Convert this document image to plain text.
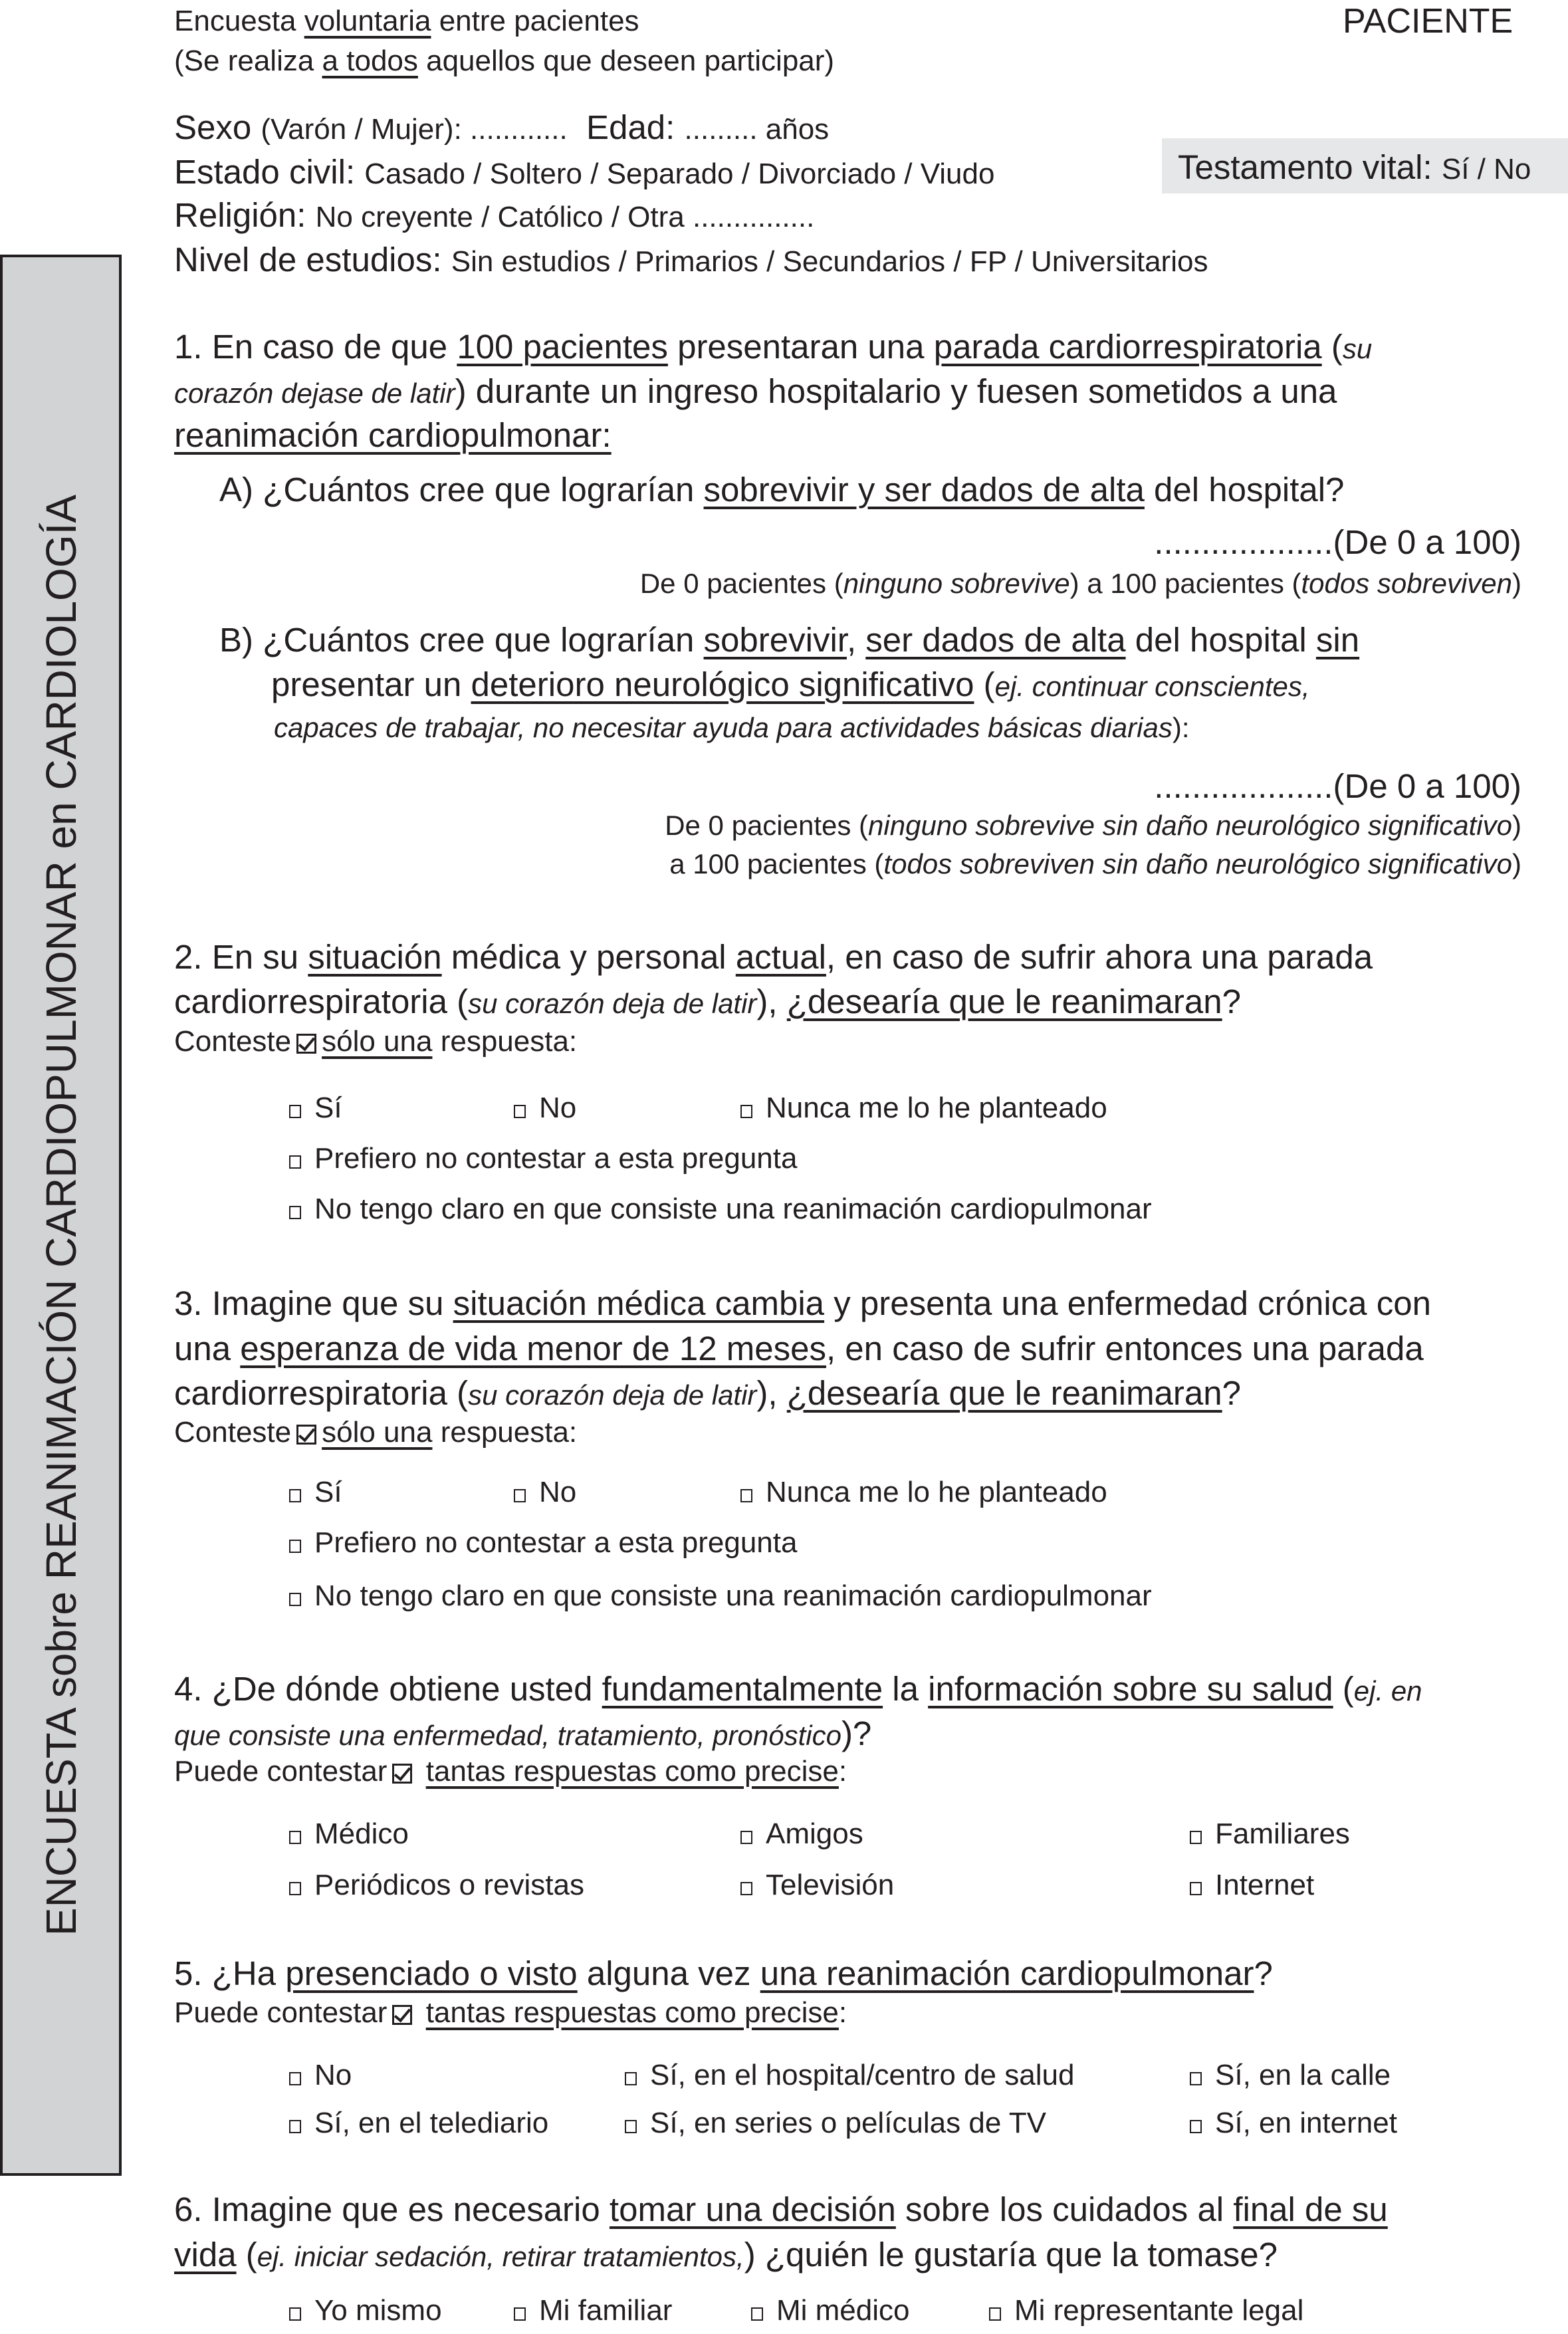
Encuesta voluntaria entre pacientes
(Se realiza a todos aquellos que deseen participar)
PACIENTE
Sexo (Varón / Mujer): ............  Edad: ......... años
Estado civil: Casado / Soltero / Separado / Divorciado / Viudo
Religión: No creyente / Católico / Otra ...............
Nivel de estudios: Sin estudios / Primarios / Secundarios / FP / Universitarios
Testamento vital: Sí / No
ENCUESTA sobre REANIMACIÓN CARDIOPULMONAR en CARDIOLOGÍA
1. En caso de que 100 pacientes presentaran una parada cardiorrespiratoria (su
corazón dejase de latir) durante un ingreso hospitalario y fuesen sometidos a una
reanimación cardiopulmonar:
A) ¿Cuántos cree que lograrían sobrevivir y ser dados de alta del hospital?
...................(De 0 a 100)
De 0 pacientes (ninguno sobrevive) a 100 pacientes (todos sobreviven)
B) ¿Cuántos cree que lograrían sobrevivir, ser dados de alta del hospital sin
presentar un deterioro neurológico significativo (ej. continuar conscientes,
capaces de trabajar, no necesitar ayuda para actividades básicas diarias):
...................(De 0 a 100)
De 0 pacientes (ninguno sobrevive sin daño neurológico significativo)
a 100 pacientes (todos sobreviven sin daño neurológico significativo)
2. En su situación médica y personal actual, en caso de sufrir ahora una parada
cardiorrespiratoria (su corazón deja de latir), ¿desearía que le reanimaran?
Conteste sólo una respuesta:
Sí	No	Nunca me lo he planteado
Prefiero no contestar a esta pregunta
No tengo claro en que consiste una reanimación cardiopulmonar
3. Imagine que su situación médica cambia y presenta una enfermedad crónica con
una esperanza de vida menor de 12 meses, en caso de sufrir entonces una parada
cardiorrespiratoria (su corazón deja de latir), ¿desearía que le reanimaran?
Conteste sólo una respuesta:
Sí	No	Nunca me lo he planteado
Prefiero no contestar a esta pregunta
No tengo claro en que consiste una reanimación cardiopulmonar
4. ¿De dónde obtiene usted fundamentalmente la información sobre su salud (ej. en
que consiste una enfermedad, tratamiento, pronóstico)?
Puede contestar tantas respuestas como precise:
Médico	Amigos	Familiares
Periódicos o revistas	Televisión	Internet
5. ¿Ha presenciado o visto alguna vez una reanimación cardiopulmonar?
Puede contestar tantas respuestas como precise:
No	Sí, en el hospital/centro de salud	Sí, en la calle
Sí, en el telediario	Sí, en series o películas de TV	Sí, en internet
6. Imagine que es necesario tomar una decisión sobre los cuidados al final de su
vida (ej. iniciar sedación, retirar tratamientos,) ¿quién le gustaría que la tomase?
Yo mismo	Mi familiar	Mi médico	Mi representante legal
